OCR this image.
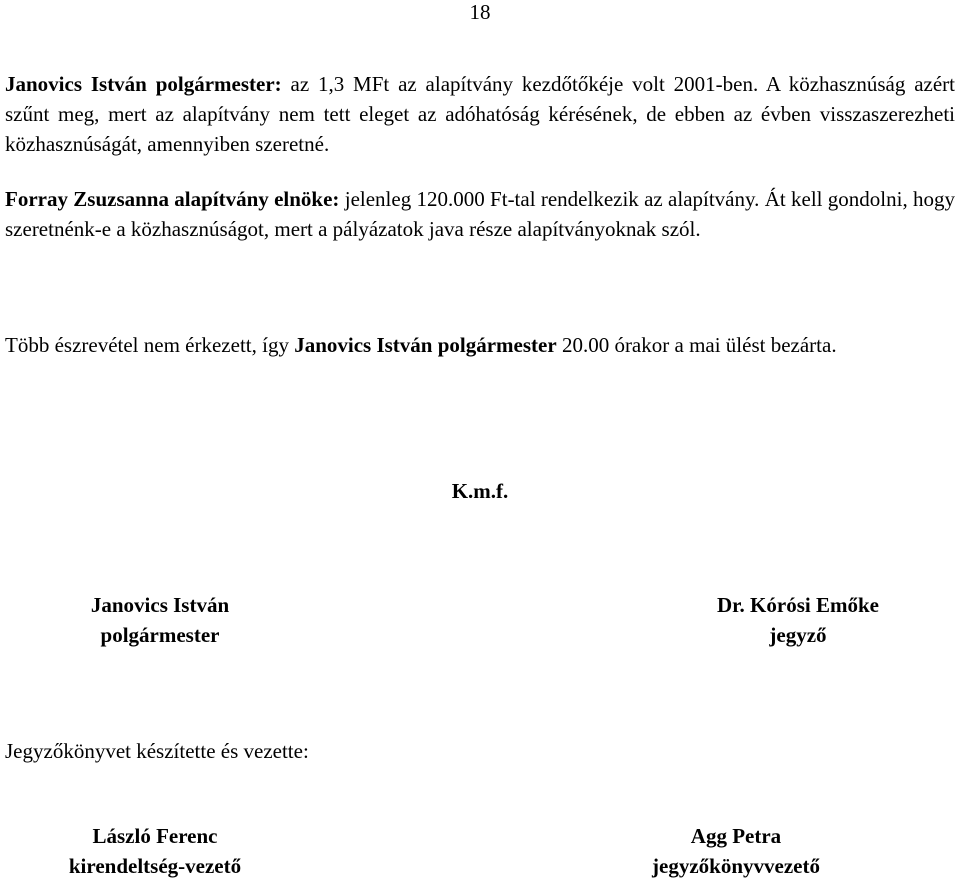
18

Janovics István polgármester: az 1,3 MFt az alapítvány kezdőtőkéje volt 2001-ben. A közhasznúság azért szűnt meg, mert az alapítvány nem tett eleget az adóhatóság kérésének, de ebben az évben visszaszerezheti közhasznúságát, amennyiben szeretné.

Forray Zsuzsanna alapítvány elnöke: jelenleg 120.000 Ft-tal rendelkezik az alapítvány. Át kell gondolni, hogy szeretnénk-e a közhasznúságot, mert a pályázatok java része alapítványoknak szól.

Több észrevétel nem érkezett, így Janovics István polgármester 20.00 órakor a mai ülést bezárta.

K.m.f.
Janovics István
polgármester
Dr. Kórósi Emőke
jegyző
Jegyzőkönyvet készítette és vezette:
László Ferenc
kirendeltség-vezető
Agg Petra
jegyzőkönyvvezető
